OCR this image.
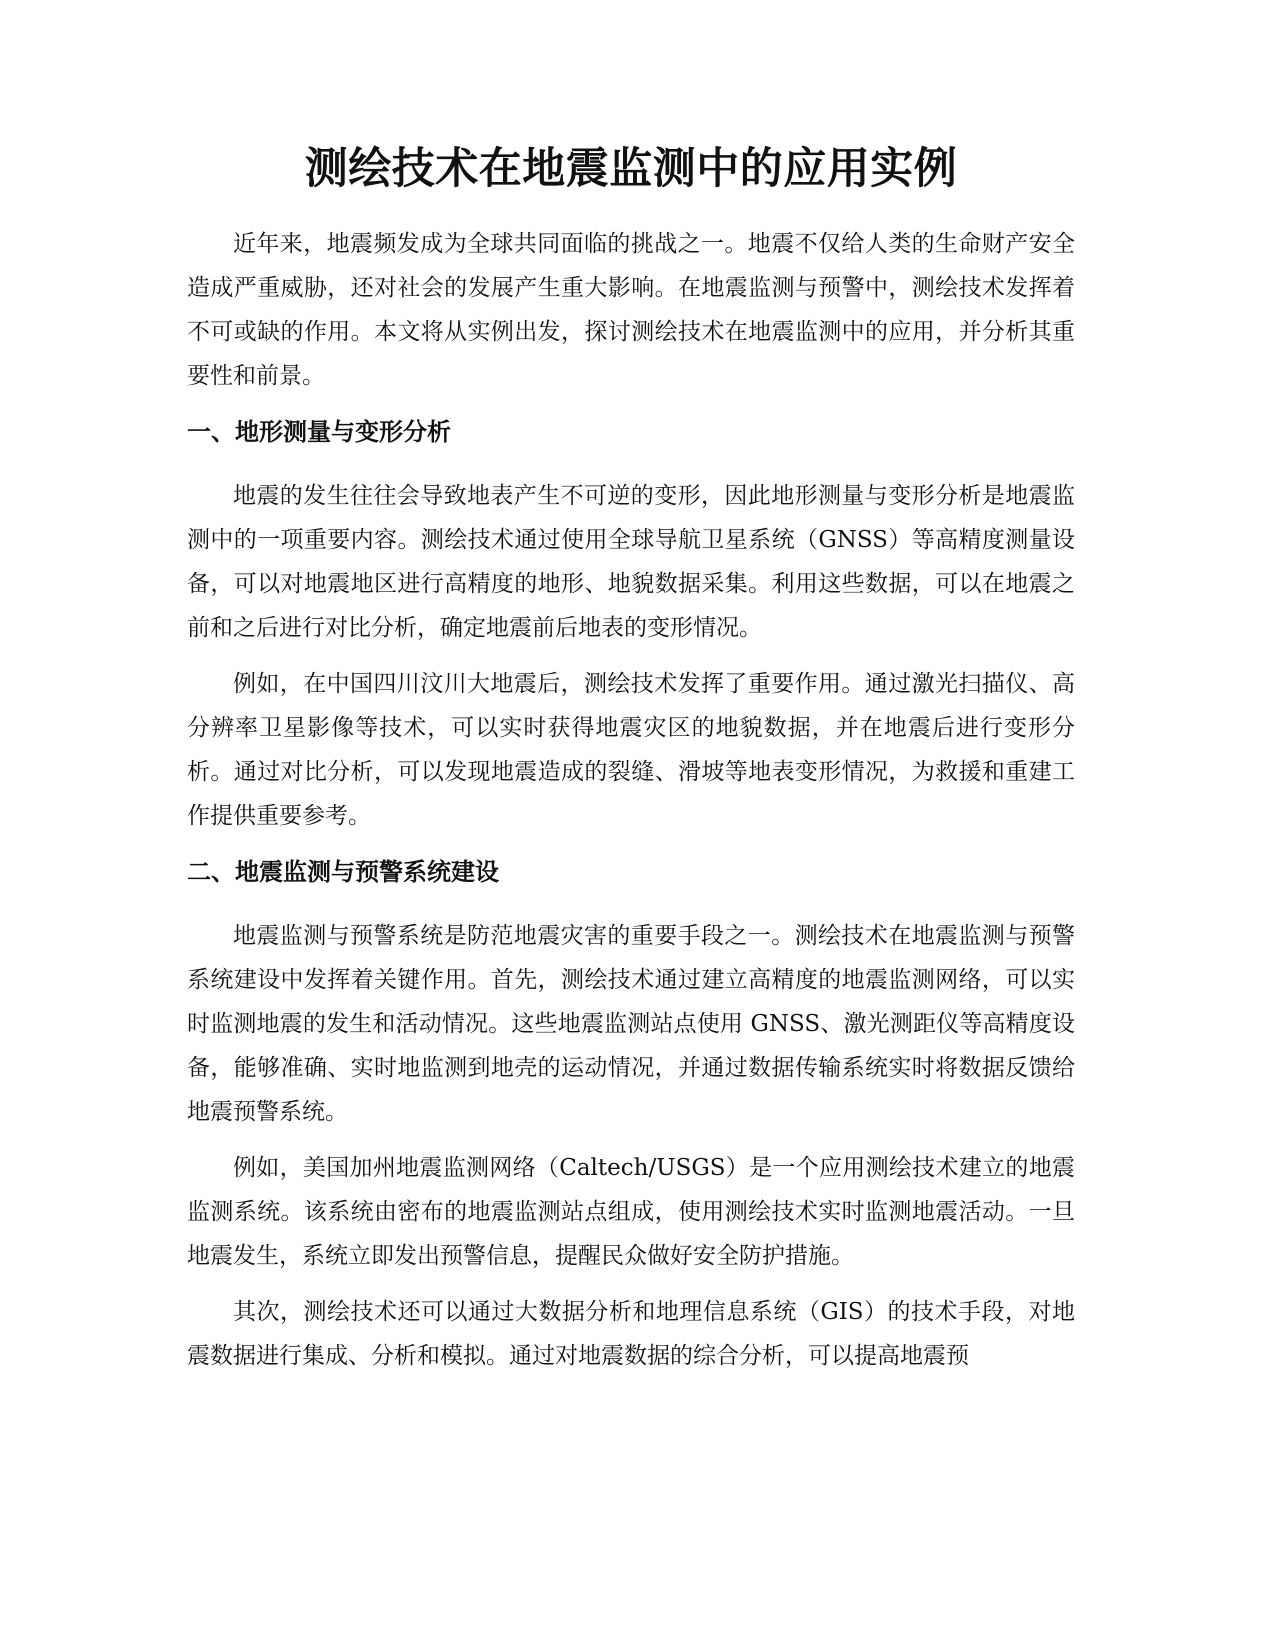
测绘技术在地震监测中的应用实例

近年来，地震频发成为全球共同面临的挑战之一。地震不仅给人类的生命财产安全造成严重威胁，还对社会的发展产生重大影响。在地震监测与预警中，测绘技术发挥着不可或缺的作用。本文将从实例出发，探讨测绘技术在地震监测中的应用，并分析其重要性和前景。

一、地形测量与变形分析

地震的发生往往会导致地表产生不可逆的变形，因此地形测量与变形分析是地震监测中的一项重要内容。测绘技术通过使用全球导航卫星系统（GNSS）等高精度测量设备，可以对地震地区进行高精度的地形、地貌数据采集。利用这些数据，可以在地震之前和之后进行对比分析，确定地震前后地表的变形情况。

例如，在中国四川汶川大地震后，测绘技术发挥了重要作用。通过激光扫描仪、高分辨率卫星影像等技术，可以实时获得地震灾区的地貌数据，并在地震后进行变形分析。通过对比分析，可以发现地震造成的裂缝、滑坡等地表变形情况，为救援和重建工作提供重要参考。

二、地震监测与预警系统建设

地震监测与预警系统是防范地震灾害的重要手段之一。测绘技术在地震监测与预警系统建设中发挥着关键作用。首先，测绘技术通过建立高精度的地震监测网络，可以实时监测地震的发生和活动情况。这些地震监测站点使用 GNSS、激光测距仪等高精度设备，能够准确、实时地监测到地壳的运动情况，并通过数据传输系统实时将数据反馈给地震预警系统。

例如，美国加州地震监测网络（Caltech/USGS）是一个应用测绘技术建立的地震监测系统。该系统由密布的地震监测站点组成，使用测绘技术实时监测地震活动。一旦地震发生，系统立即发出预警信息，提醒民众做好安全防护措施。

其次，测绘技术还可以通过大数据分析和地理信息系统（GIS）的技术手段，对地震数据进行集成、分析和模拟。通过对地震数据的综合分析，可以提高地震预
